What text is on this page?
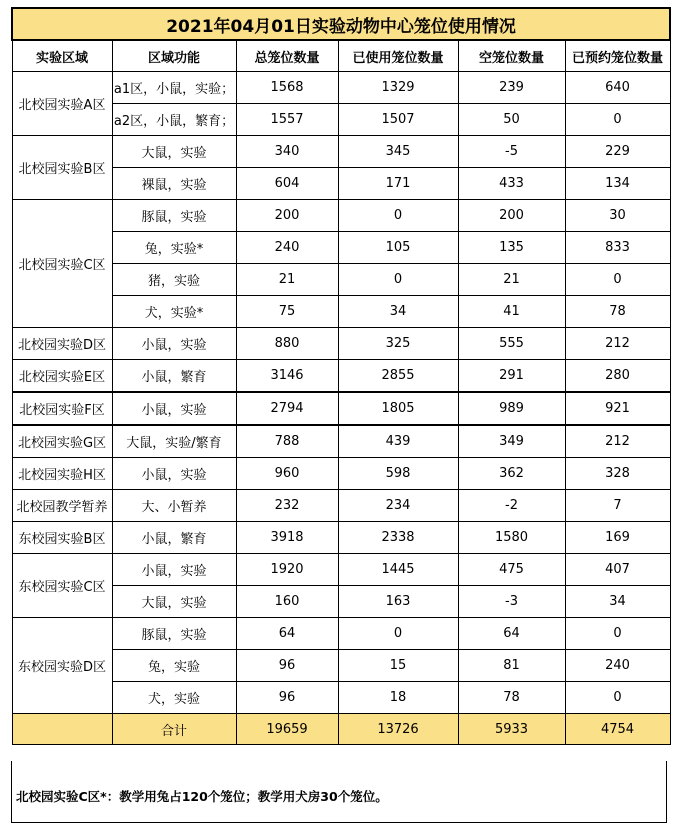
2021年04月01日实验动物中心笼位使用情况					
实验区域	区域功能	总笼位数量	已使用笼位数量	空笼位数量	已预约笼位数量
北校园实验A区	a1区，小鼠，实验；	1568	1329	239	640
	a2区，小鼠，繁育；	1557	1507	50	0
北校园实验B区	大鼠，实验	340	345	-5	229
	裸鼠，实验	604	171	433	134
北校园实验C区	豚鼠，实验	200	0	200	30
	兔，实验*	240	105	135	833
	猪，实验	21	0	21	0
	犬，实验*	75	34	41	78
北校园实验D区	小鼠，实验	880	325	555	212
北校园实验E区	小鼠，繁育	3146	2855	291	280
北校园实验F区	小鼠，实验	2794	1805	989	921
北校园实验G区	大鼠，实验/繁育	788	439	349	212
北校园实验H区	小鼠，实验	960	598	362	328
北校园教学暂养	大、小暂养	232	234	-2	7
东校园实验B区	小鼠，繁育	3918	2338	1580	169
东校园实验C区	小鼠，实验	1920	1445	475	407
	大鼠，实验	160	163	-3	34
东校园实验D区	豚鼠，实验	64	0	64	0
	兔，实验	96	15	81	240
	犬，实验	96	18	78	0
	合计	19659	13726	5933	4754
北校园实验C区*：教学用兔占120个笼位；教学用犬房30个笼位。
